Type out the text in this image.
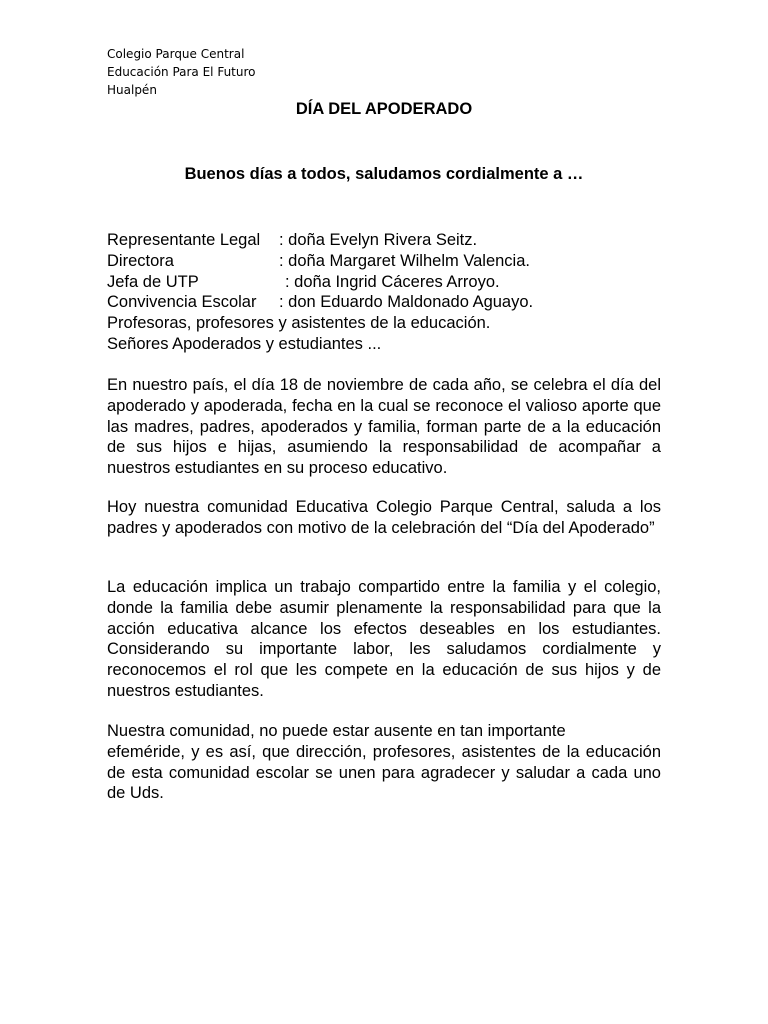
Colegio Parque Central
Educación Para El Futuro
Hualpén
DÍA DEL APODERADO
Buenos días a todos, saludamos cordialmente a …
Representante Legal : doña Evelyn Rivera Seitz.
Directora	: doña Margaret Wilhelm Valencia.
Jefa de UTP	: doña Ingrid Cáceres Arroyo.
Convivencia Escolar : don Eduardo Maldonado Aguayo.
Profesoras, profesores y asistentes de la educación.
Señores Apoderados y estudiantes ...

En nuestro país, el día 18 de noviembre de cada año, se celebra el día del apoderado y apoderada, fecha en la cual se reconoce el valioso aporte que las madres, padres, apoderados y familia, forman parte de a la educación de sus hijos e hijas, asumiendo la responsabilidad de acompañar a nuestros estudiantes en su proceso educativo.

Hoy nuestra comunidad Educativa Colegio Parque Central, saluda a los padres y apoderados con motivo de la celebración del “Día del Apoderado”

La educación implica un trabajo compartido entre la familia y el colegio, donde la familia debe asumir plenamente la responsabilidad para que la acción educativa alcance los efectos deseables en los estudiantes. Considerando su importante labor, les saludamos cordialmente y reconocemos el rol que les compete en la educación de sus hijos y de nuestros estudiantes.

Nuestra comunidad, no puede estar ausente en tan importante
efeméride, y es así, que dirección, profesores, asistentes de la educación de esta comunidad escolar se unen para agradecer y saludar a cada uno de Uds.
